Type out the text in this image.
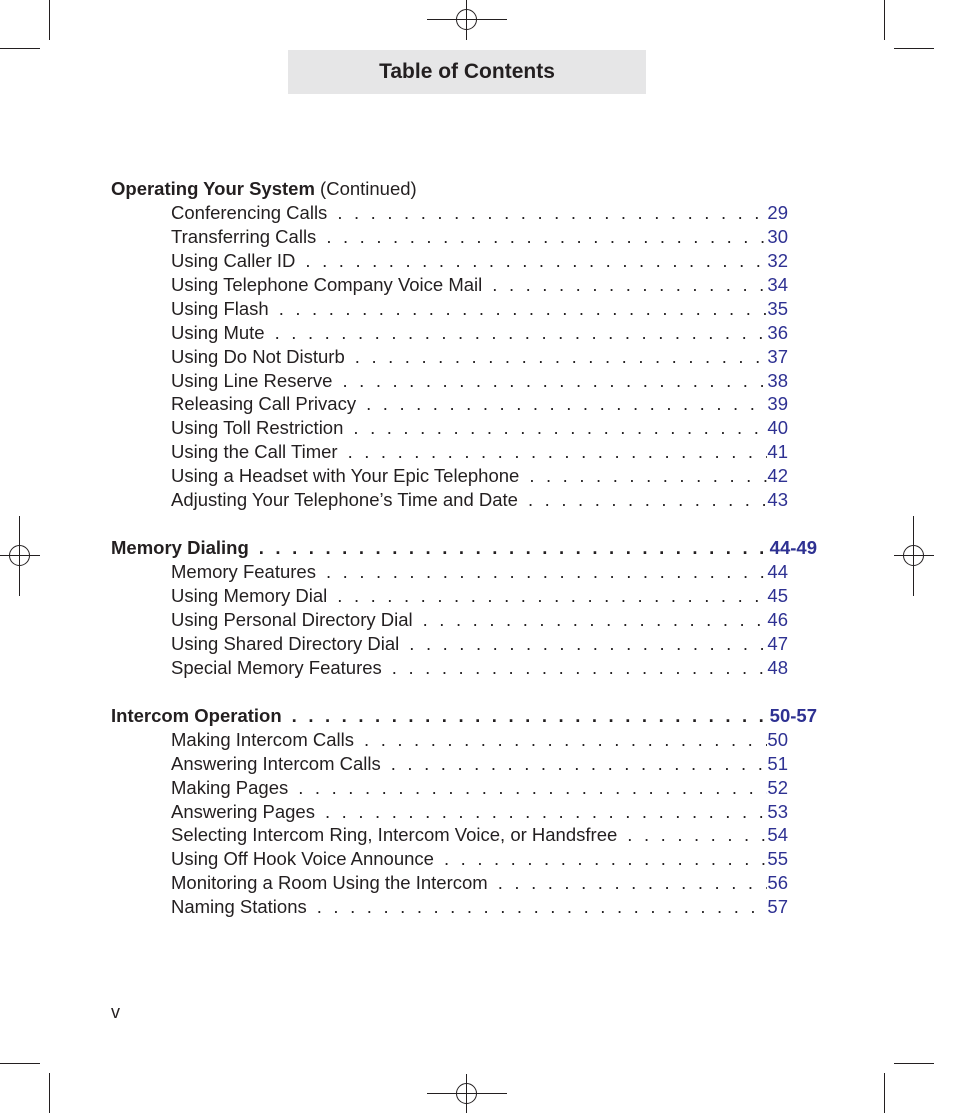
Table of Contents
Operating Your System (Continued)
Conferencing Calls . . .	29
Transferring Calls . . .	30
Using Caller ID . . .	32
Using Telephone Company Voice Mail . . .	34
Using Flash . . .	35
Using Mute . . .	36
Using Do Not Disturb . . .	37
Using Line Reserve . . .	38
Releasing Call Privacy . . .	39
Using Toll Restriction . . .	40
Using the Call Timer . . .	41
Using a Headset with Your Epic Telephone . . .	42
Adjusting Your Telephone’s Time and Date . . .	43
Memory Dialing . . .	44-49
Memory Features . . .	44
Using Memory Dial . . .	45
Using Personal Directory Dial . . .	46
Using Shared Directory Dial . . .	47
Special Memory Features . . .	48
Intercom Operation . . .	50-57
Making Intercom Calls . . .	50
Answering Intercom Calls . . .	51
Making Pages . . .	52
Answering Pages . . .	53
Selecting Intercom Ring, Intercom Voice, or Handsfree . . .	54
Using Off Hook Voice Announce . . .	55
Monitoring a Room Using the Intercom . . .	56
Naming Stations . . .	57
v
